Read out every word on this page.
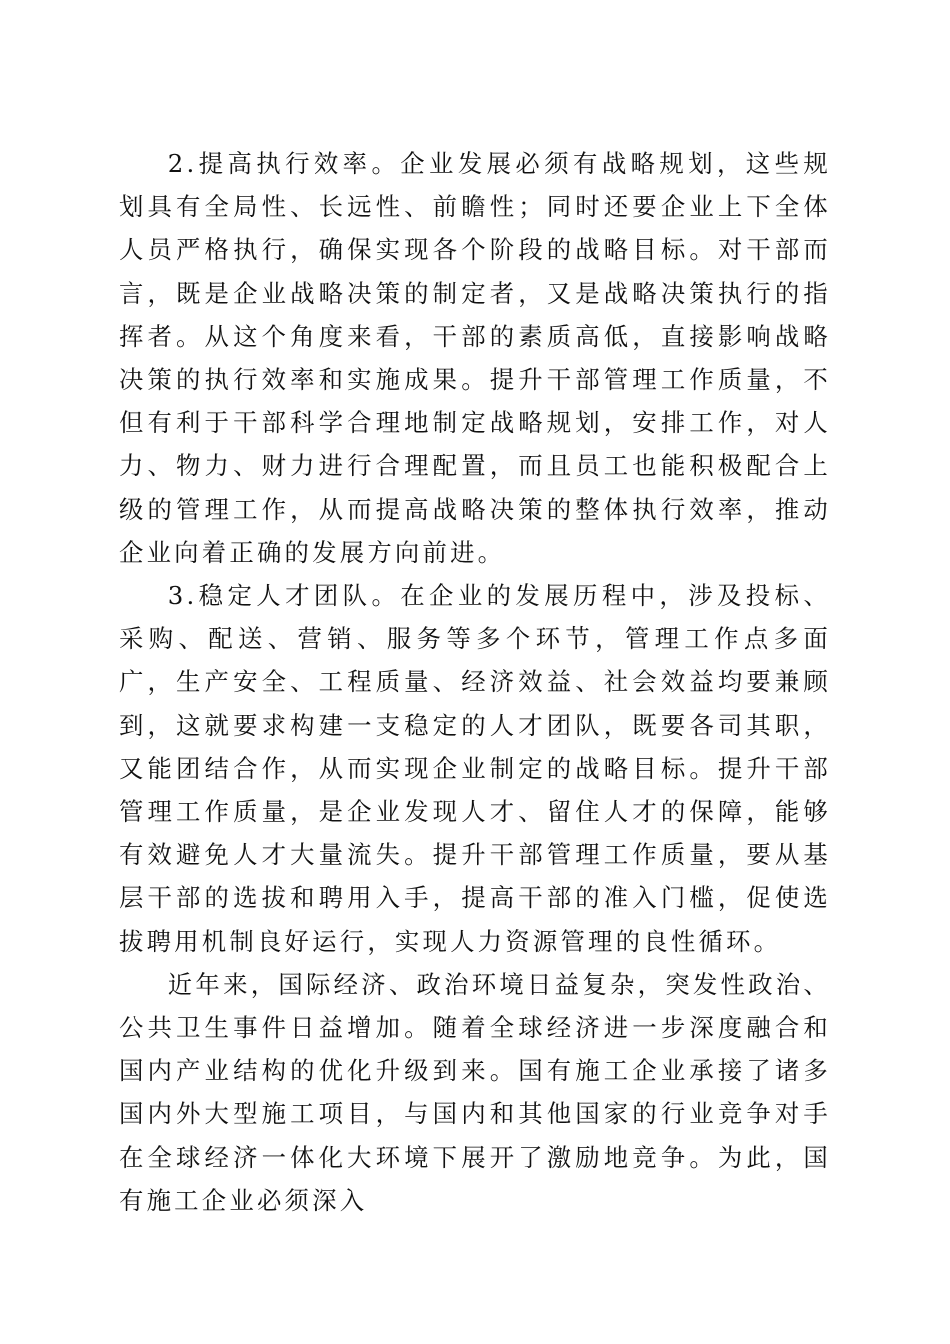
2.提高执行效率。企业发展必须有战略规划，这些规划具有全局性、长远性、前瞻性；同时还要企业上下全体人员严格执行，确保实现各个阶段的战略目标。对干部而言，既是企业战略决策的制定者，又是战略决策执行的指挥者。从这个角度来看，干部的素质高低，直接影响战略决策的执行效率和实施成果。提升干部管理工作质量，不但有利于干部科学合理地制定战略规划，安排工作，对人力、物力、财力进行合理配置，而且员工也能积极配合上级的管理工作，从而提高战略决策的整体执行效率，推动企业向着正确的发展方向前进。

3.稳定人才团队。在企业的发展历程中，涉及投标、采购、配送、营销、服务等多个环节，管理工作点多面广，生产安全、工程质量、经济效益、社会效益均要兼顾到，这就要求构建一支稳定的人才团队，既要各司其职，又能团结合作，从而实现企业制定的战略目标。提升干部管理工作质量，是企业发现人才、留住人才的保障，能够有效避免人才大量流失。提升干部管理工作质量，要从基层干部的选拔和聘用入手，提高干部的准入门槛，促使选拔聘用机制良好运行，实现人力资源管理的良性循环。

近年来，国际经济、政治环境日益复杂，突发性政治、公共卫生事件日益增加。随着全球经济进一步深度融合和国内产业结构的优化升级到来。国有施工企业承接了诸多国内外大型施工项目，与国内和其他国家的行业竞争对手在全球经济一体化大环境下展开了激励地竞争。为此，国有施工企业必须深入
